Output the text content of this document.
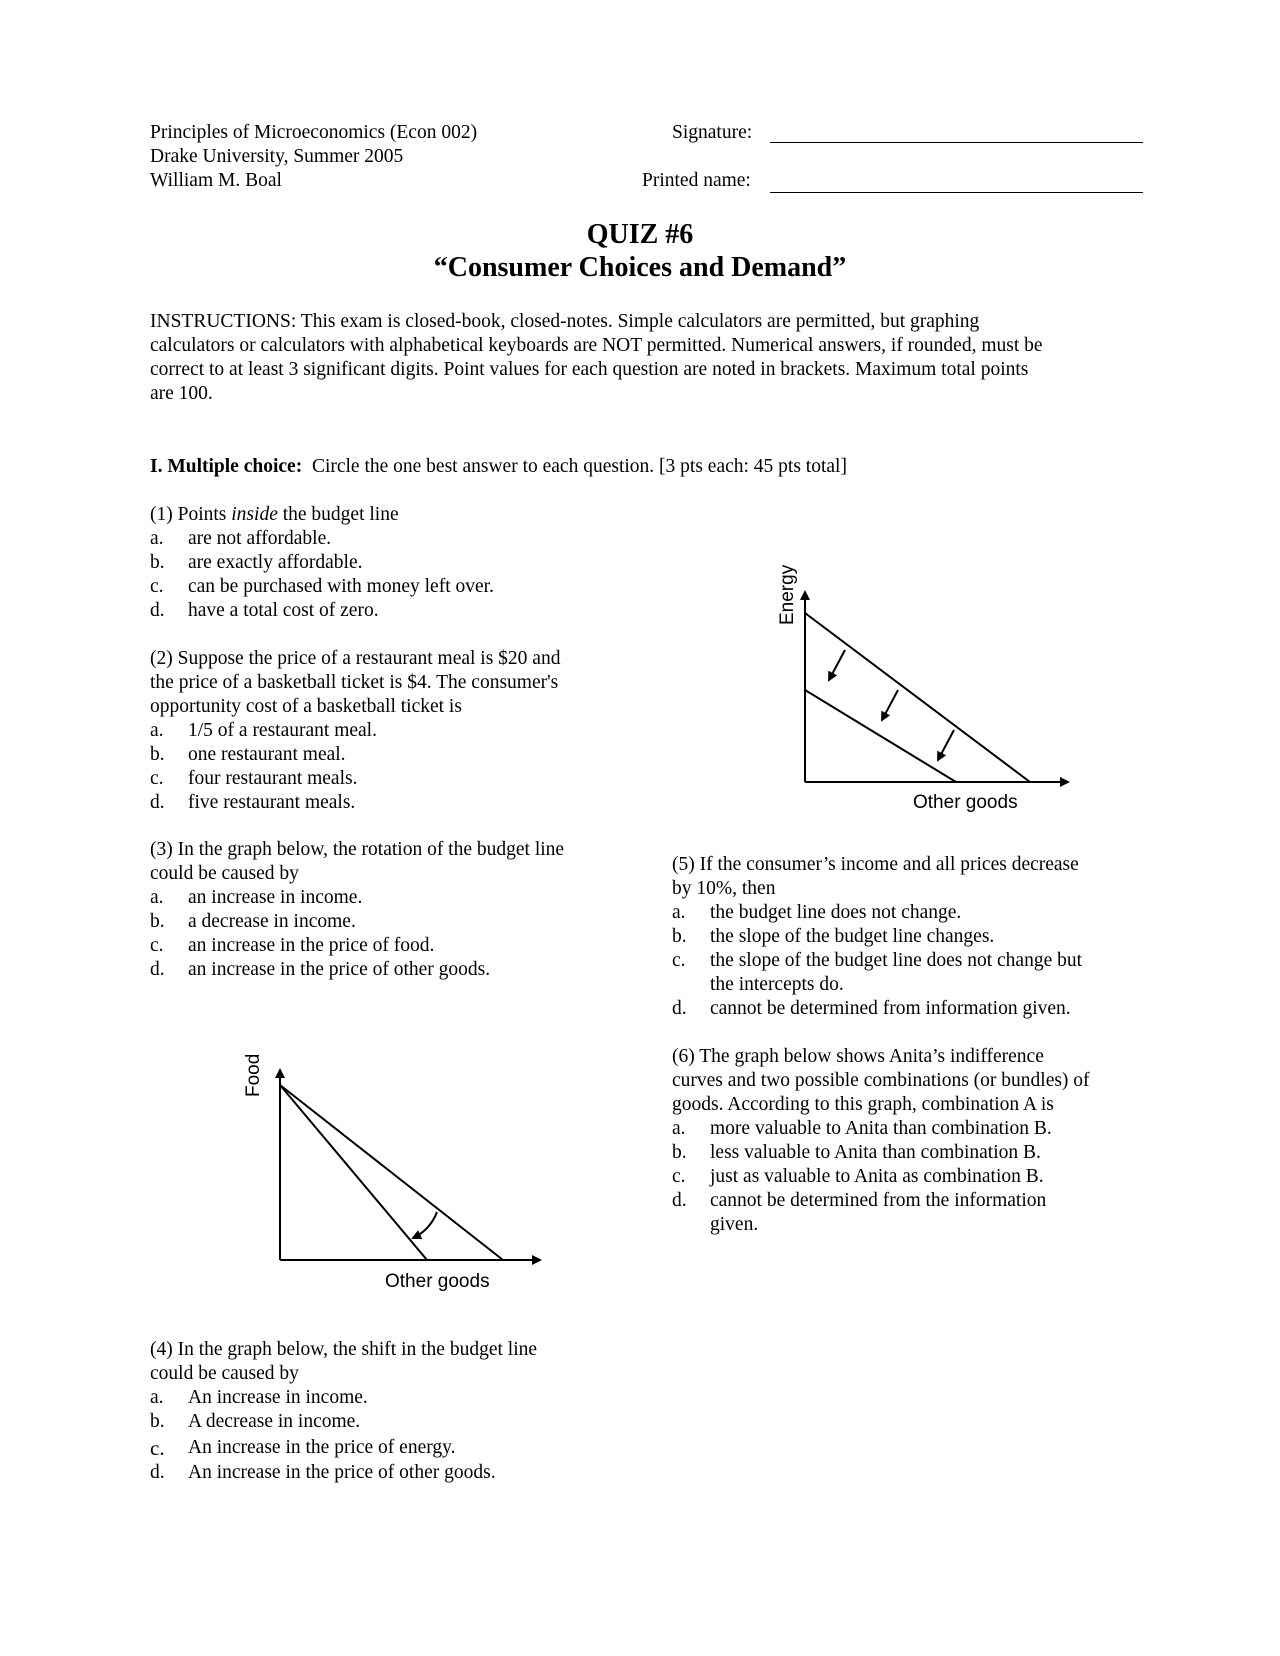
Principles of Microeconomics (Econ 002)
Drake University, Summer 2005
William M. Boal
Signature:
Printed name:
QUIZ #6
“Consumer Choices and Demand”
INSTRUCTIONS: This exam is closed-book, closed-notes. Simple calculators are permitted, but graphing
calculators or calculators with alphabetical keyboards are NOT permitted. Numerical answers, if rounded, must be
correct to at least 3 significant digits. Point values for each question are noted in brackets. Maximum total points
are 100.
I. Multiple choice: Circle the one best answer to each question. [3 pts each: 45 pts total]
(1) Points inside the budget line
a. are not affordable.
b. are exactly affordable.
c. can be purchased with money left over.
d. have a total cost of zero.
(2) Suppose the price of a restaurant meal is $20 and
the price of a basketball ticket is $4. The consumer's
opportunity cost of a basketball ticket is
a. 1/5 of a restaurant meal.
b. one restaurant meal.
c. four restaurant meals.
d. five restaurant meals.
(3) In the graph below, the rotation of the budget line
could be caused by
a. an increase in income.
b. a decrease in income.
c. an increase in the price of food.
d. an increase in the price of other goods.
Food
Other goods
(4) In the graph below, the shift in the budget line
could be caused by
a. An increase in income.
b. A decrease in income.
c. An increase in the price of energy.
d. An increase in the price of other goods.
Energy
Other goods
(5) If the consumer’s income and all prices decrease
by 10%, then
a. the budget line does not change.
b. the slope of the budget line changes.
c. the slope of the budget line does not change but
the intercepts do.
d. cannot be determined from information given.
(6) The graph below shows Anita’s indifference
curves and two possible combinations (or bundles) of
goods. According to this graph, combination A is
a. more valuable to Anita than combination B.
b. less valuable to Anita than combination B.
c. just as valuable to Anita as combination B.
d. cannot be determined from the information
given.
